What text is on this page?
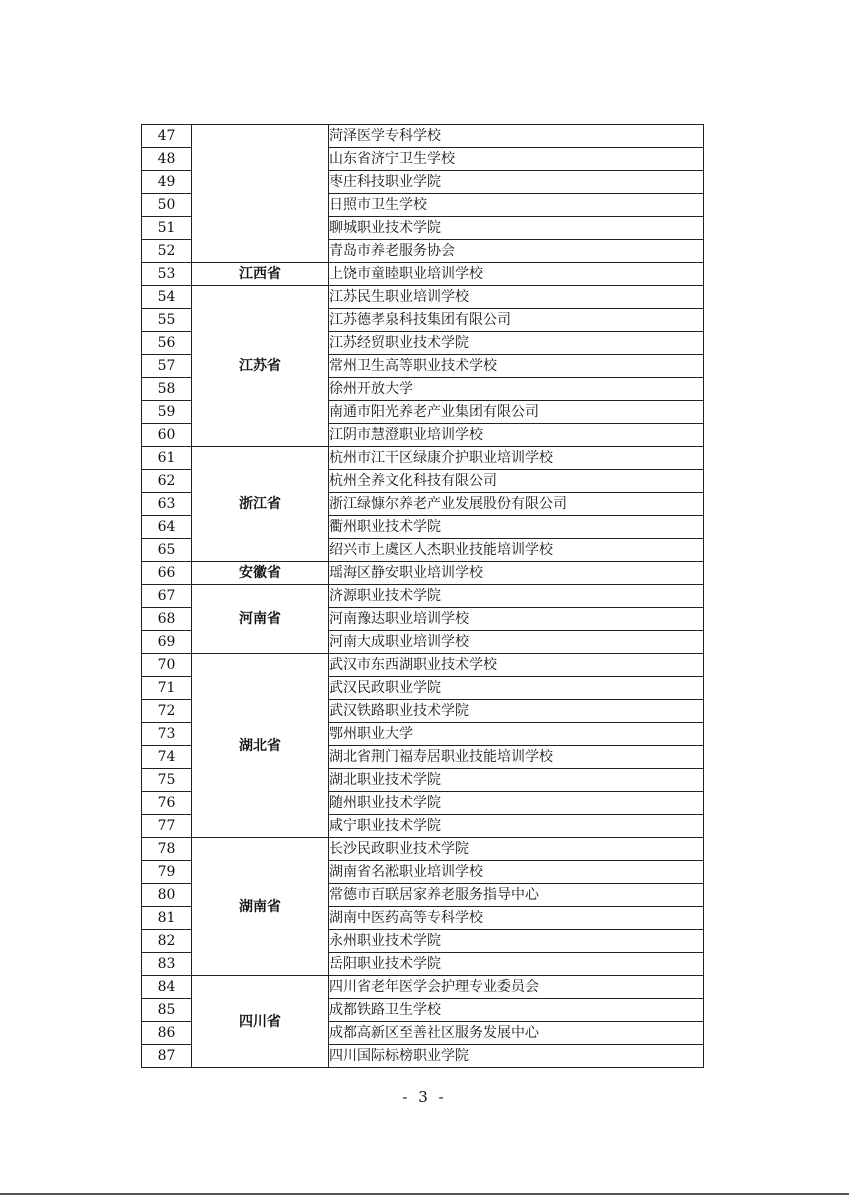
47		菏泽医学专科学校
48		山东省济宁卫生学校
49		枣庄科技职业学院
50		日照市卫生学校
51		聊城职业技术学院
52		青岛市养老服务协会
53	江西省	上饶市童睦职业培训学校
54	江苏省	江苏民生职业培训学校
55		江苏德孝泉科技集团有限公司
56		江苏经贸职业技术学院
57		常州卫生高等职业技术学校
58		徐州开放大学
59		南通市阳光养老产业集团有限公司
60		江阴市慧澄职业培训学校
61	浙江省	杭州市江干区绿康介护职业培训学校
62		杭州全养文化科技有限公司
63		浙江绿慷尔养老产业发展股份有限公司
64		衢州职业技术学院
65		绍兴市上虞区人杰职业技能培训学校
66	安徽省	瑶海区静安职业培训学校
67	河南省	济源职业技术学院
68		河南豫达职业培训学校
69		河南大成职业培训学校
70	湖北省	武汉市东西湖职业技术学校
71		武汉民政职业学院
72		武汉铁路职业技术学院
73		鄂州职业大学
74		湖北省荆门福寿居职业技能培训学校
75		湖北职业技术学院
76		随州职业技术学院
77		咸宁职业技术学院
78	湖南省	长沙民政职业技术学院
79		湖南省名淞职业培训学校
80		常德市百联居家养老服务指导中心
81		湖南中医药高等专科学校
82		永州职业技术学院
83		岳阳职业技术学院
84	四川省	四川省老年医学会护理专业委员会
85		成都铁路卫生学校
86		成都高新区至善社区服务发展中心
87		四川国际标榜职业学院
- 3 -
